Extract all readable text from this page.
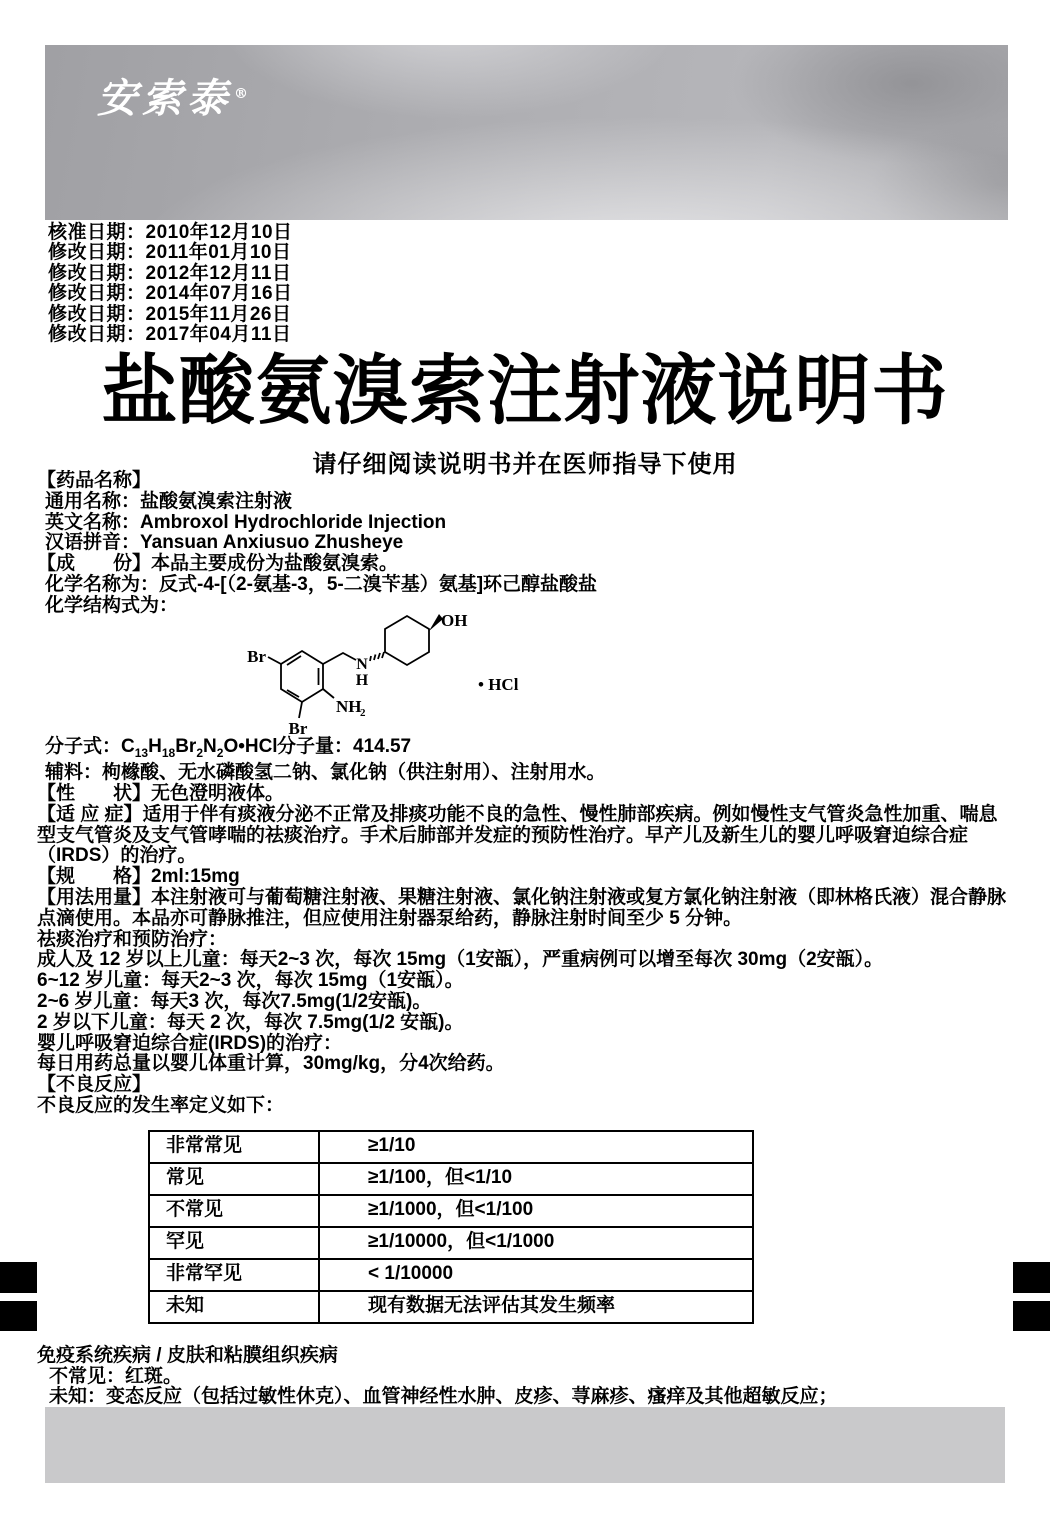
安索泰 ®
核准日期：2010年12月10日
修改日期：2011年01月10日
修改日期：2012年12月11日
修改日期：2014年07月16日
修改日期：2015年11月26日
修改日期：2017年04月11日
盐酸氨溴索注射液说明书
请仔细阅读说明书并在医师指导下使用
【药品名称】
通用名称：盐酸氨溴索注射液
英文名称：Ambroxol Hydrochloride Injection
汉语拼音：Yansuan Anxiusuo Zhusheye
【成　　份】本品主要成份为盐酸氨溴索。
化学名称为：反式-4-[（2-氨基-3，5-二溴苄基）氨基]环己醇盐酸盐
化学结构式为：
分子式：$C_{13}H_{18}Br_2N_2O•HCl$ 分子量：414.57
辅料：枸橼酸、无水磷酸氢二钠、氯化钠（供注射用）、注射用水。
【性　　状】无色澄明液体。
【适 应 症】适用于伴有痰液分泌不正常及排痰功能不良的急性、慢性肺部疾病。例如慢性支气管炎急性加重、喘息
型支气管炎及支气管哮喘的祛痰治疗。手术后肺部并发症的预防性治疗。早产儿及新生儿的婴儿呼吸窘迫综合症
（IRDS）的治疗。
【规　　格】2ml:15mg
【用法用量】本注射液可与葡萄糖注射液、果糖注射液、氯化钠注射液或复方氯化钠注射液（即林格氏液）混合静脉
点滴使用。本品亦可静脉推注，但应使用注射器泵给药，静脉注射时间至少 5 分钟。
祛痰治疗和预防治疗：
成人及 12 岁以上儿童：每天2~3 次，每次 15mg（1安瓿），严重病例可以增至每次 30mg（2安瓿）。
6~12 岁儿童：每天2~3 次，每次 15mg（1安瓿）。
2~6 岁儿童：每天3 次，每次7.5mg(1/2安瓿)。
2 岁以下儿童：每天 2 次，每次 7.5mg(1/2 安瓿)。
婴儿呼吸窘迫综合症(IRDS)的治疗：
每日用药总量以婴儿体重计算，30mg/kg，分4次给药。
【不良反应】
不良反应的发生率定义如下：
非常常见	≥1/10
常见	≥1/100，但<1/10
不常见	≥1/1000，但<1/100
罕见	≥1/10000，但<1/1000
非常罕见	< 1/10000
未知	现有数据无法评估其发生频率
免疫系统疾病 / 皮肤和粘膜组织疾病
不常见：红斑。
未知：变态反应（包括过敏性休克）、血管神经性水肿、皮疹、荨麻疹、瘙痒及其他超敏反应；
Br
Br
NH
2
N
H
OH
• HCl
